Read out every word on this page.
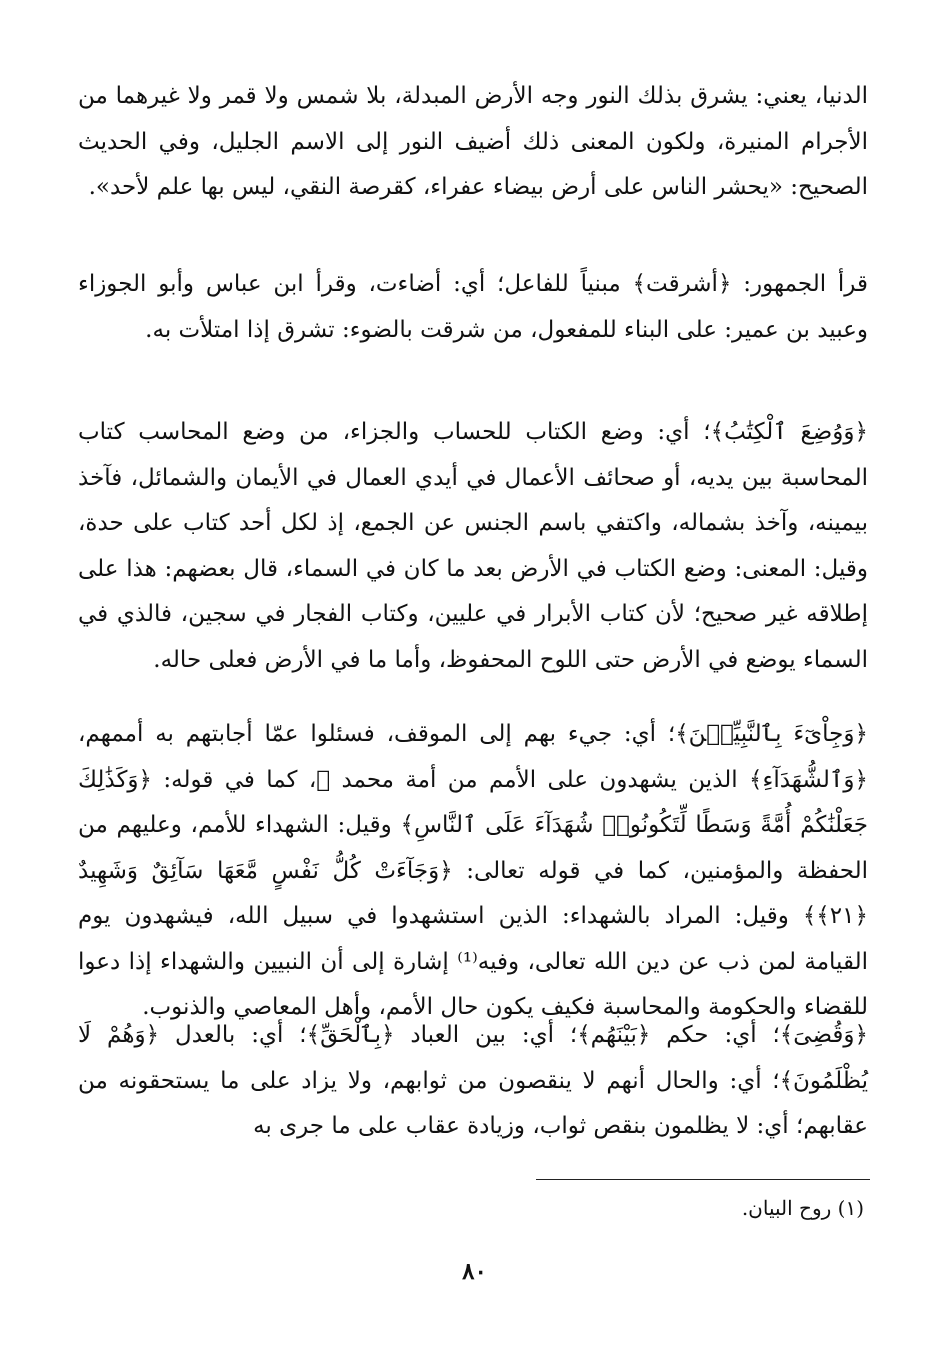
الدنيا، يعني: يشرق بذلك النور وجه الأرض المبدلة، بلا شمس ولا قمر ولا غيرهما من الأجرام المنيرة، ولكون المعنى ذلك أضيف النور إلى الاسم الجليل، وفي الحديث الصحيح: «يحشر الناس على أرض بيضاء عفراء، كقرصة النقي، ليس بها علم لأحد».

قرأ الجمهور: ﴿أشرقت﴾ مبنياً للفاعل؛ أي: أضاءت، وقرأ ابن عباس وأبو الجوزاء وعبيد بن عمير: على البناء للمفعول، من شرقت بالضوء: تشرق إذا امتلأت به.

﴿وَوُضِعَ ٱلْكِتَٰبُ﴾؛ أي: وضع الكتاب للحساب والجزاء، من وضع المحاسب كتاب المحاسبة بين يديه، أو صحائف الأعمال في أيدي العمال في الأيمان والشمائل، فآخذ بيمينه، وآخذ بشماله، واكتفي باسم الجنس عن الجمع، إذ لكل أحد كتاب على حدة، وقيل: المعنى: وضع الكتاب في الأرض بعد ما كان في السماء، قال بعضهم: هذا على إطلاقه غير صحيح؛ لأن كتاب الأبرار في عليين، وكتاب الفجار في سجين، فالذي في السماء يوضع في الأرض حتى اللوح المحفوظ، وأما ما في الأرض فعلى حاله.

﴿وَجِاْىٓءَ بِٱلنَّبِيِّـۧنَ﴾؛ أي: جيء بهم إلى الموقف، فسئلوا عمّا أجابتهم به أممهم، ﴿وَٱلشُّهَدَآءِ﴾ الذين يشهدون على الأمم من أمة محمد ﷺ، كما في قوله: ﴿وَكَذَٰلِكَ جَعَلْنَٰكُمْ أُمَّةً وَسَطًا لِّتَكُونُوا۟ شُهَدَآءَ عَلَى ٱلنَّاسِ﴾ وقيل: الشهداء للأمم، وعليهم من الحفظة والمؤمنين، كما في قوله تعالى: ﴿وَجَآءَتْ كُلُّ نَفْسٍ مَّعَهَا سَآئِقٌ وَشَهِيدٌ ﴿٢١﴾﴾ وقيل: المراد بالشهداء: الذين استشهدوا في سبيل الله، فيشهدون يوم القيامة لمن ذب عن دين الله تعالى، وفيه⁽¹⁾ إشارة إلى أن النبيين والشهداء إذا دعوا للقضاء والحكومة والمحاسبة فكيف يكون حال الأمم، وأهل المعاصي والذنوب.

﴿وَقُضِىَ﴾؛ أي: حكم ﴿بَيْنَهُم﴾؛ أي: بين العباد ﴿بِٱلْحَقِّ﴾؛ أي: بالعدل ﴿وَهُمْ لَا يُظْلَمُونَ﴾؛ أي: والحال أنهم لا ينقصون من ثوابهم، ولا يزاد على ما يستحقونه من عقابهم؛ أي: لا يظلمون بنقص ثواب، وزيادة عقاب على ما جرى به

(١) روح البيان.
٨٠
